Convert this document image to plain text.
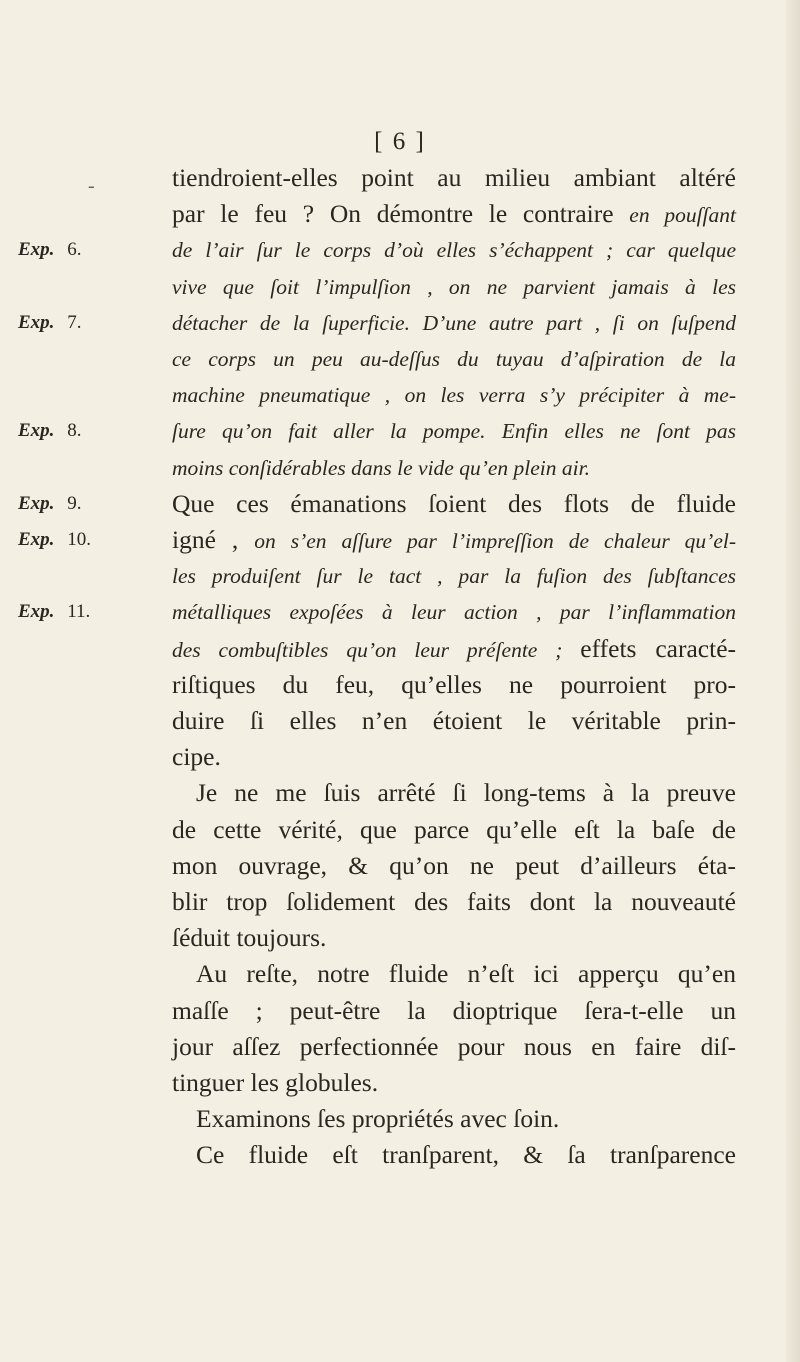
-
[ 6 ]
Exp. 6.
Exp. 7.
Exp. 8.
Exp. 9.
Exp. 10.
Exp. 11.
tiendroient-elles point au milieu ambiant altéré
par le feu ? On démontre le contraire en pouſſant
de l’air ſur le corps d’où elles s’échappent ; car quelque
vive que ſoit l’impulſion , on ne parvient jamais à les
détacher de la ſuperficie. D’une autre part , ſi on ſuſpend
ce corps un peu au-deſſus du tuyau d’aſpiration de la
machine pneumatique , on les verra s’y précipiter à me-
ſure qu’on fait aller la pompe. Enfin elles ne ſont pas
moins conſidérables dans le vide qu’en plein air.
Que ces émanations ſoient des flots de fluide
igné , on s’en aſſure par l’impreſſion de chaleur qu’el-
les produiſent ſur le tact , par la fuſion des ſubſtances
métalliques expoſées à leur action , par l’inflammation
des combuſtibles qu’on leur préſente ; effets caracté-
riſtiques du feu, qu’elles ne pourroient pro-
duire ſi elles n’en étoient le véritable prin-
cipe.
Je ne me ſuis arrêté ſi long-tems à la preuve
de cette vérité, que parce qu’elle eſt la baſe de
mon ouvrage, & qu’on ne peut d’ailleurs éta-
blir trop ſolidement des faits dont la nouveauté
ſéduit toujours.
Au reſte, notre fluide n’eſt ici apperçu qu’en
maſſe ; peut-être la dioptrique ſera-t-elle un
jour aſſez perfectionnée pour nous en faire diſ-
tinguer les globules.
Examinons ſes propriétés avec ſoin.
Ce fluide eſt tranſparent, & ſa tranſparence
